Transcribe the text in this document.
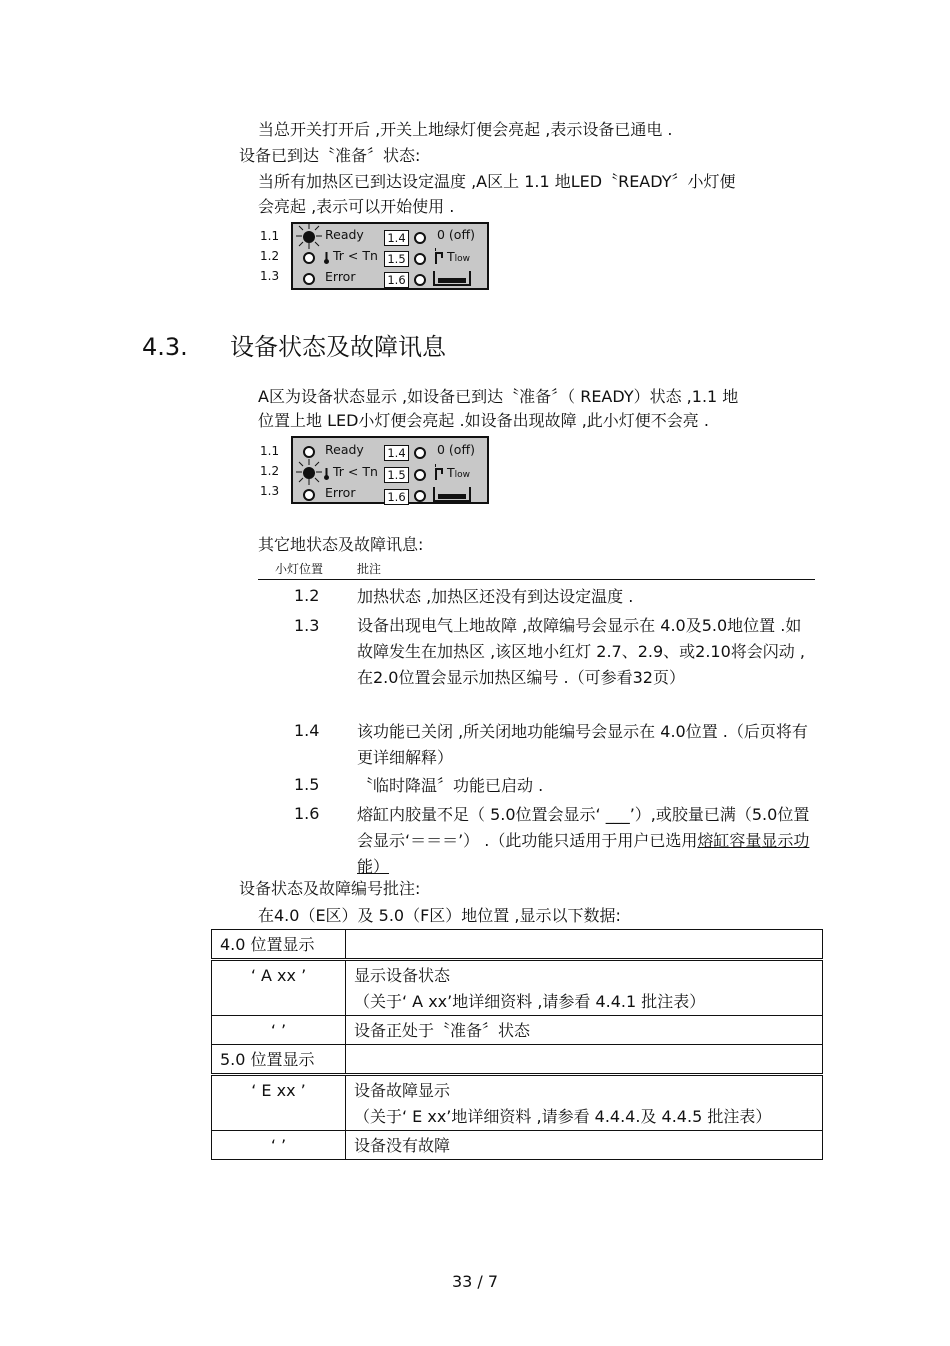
当总开关打开后 ,开关上地绿灯便会亮起 ,表示设备已通电 .
设备已到达〝准备〞状态:
当所有加热区已到达设定温度 ,A区上 1.1 地LED〝READY〞小灯便
会亮起 ,表示可以开始使用 .
1.1
1.2
1.3
Ready 1.4	0 (off)
Tr < Tn 1.5	Tlow
Error	1.6
4.3. 设备状态及故障讯息
A区为设备状态显示 ,如设备已到达〝准备〞（ READY）状态 ,1.1 地
位置上地 LED小灯便会亮起 .如设备出现故障 ,此小灯便不会亮 .
1.1
1.2
1.3
Ready 1.4	0 (off)
Tr < Tn 1.5	Tlow
Error	1.6
其它地状态及故障讯息:
小灯位置	批注
1.2 加热状态 ,加热区还没有到达设定温度 .
1.3 设备出现电气上地故障 ,故障编号会显示在 4.0及5.0地位置 .如故障发生在加热区 ,该区地小红灯 2.7、2.9、或2.10将会闪动 ,在2.0位置会显示加热区编号 .（可参看32页）
1.4 该功能已关闭 ,所关闭地功能编号会显示在 4.0位置 .（后页将有更详细解释）
1.5 〝临时降温〞功能已启动 .
1.6 熔缸内胶量不足（ 5.0位置会显示‘ ___’）,或胶量已满（5.0位置会显示‘＝＝＝’） .（此功能只适用于用户已选用熔缸容量显示功能）
设备状态及故障编号批注:
在4.0（E区）及 5.0（F区）地位置 ,显示以下数据:
4.0 位置显示	
‘ A xx ’	显示设备状态
（关于‘ A xx’地详细资料 ,请参看 4.4.1 批注表）

‘ ’	设备正处于〝准备〞状态
5.0 位置显示	
‘ E xx ’	设备故障显示
（关于‘ E xx’地详细资料 ,请参看 4.4.4.及 4.4.5 批注表）

‘ ’	设备没有故障
33 / 7
